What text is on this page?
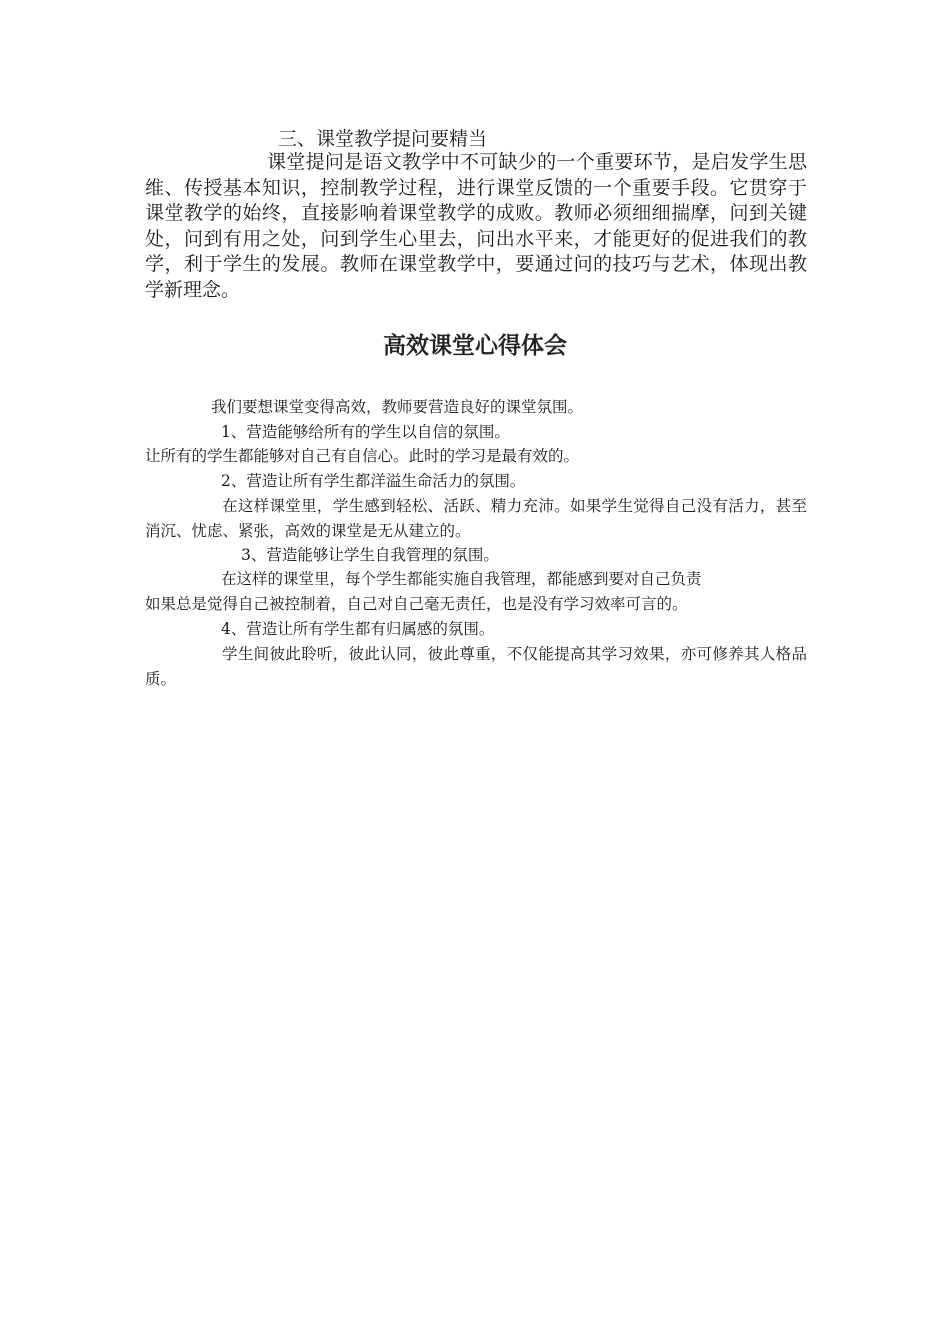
三、课堂教学提问要精当

课堂提问是语文教学中不可缺少的一个重要环节，是启发学生思维、传授基本知识，控制教学过程，进行课堂反馈的一个重要手段。它贯穿于课堂教学的始终，直接影响着课堂教学的成败。教师必须细细揣摩，问到关键处，问到有用之处，问到学生心里去，问出水平来，才能更好的促进我们的教学，利于学生的发展。教师在课堂教学中，要通过问的技巧与艺术，体现出教学新理念。

高效课堂心得体会
我们要想课堂变得高效，教师要营造良好的课堂氛围。
1、营造能够给所有的学生以自信的氛围。
让所有的学生都能够对自己有自信心。此时的学习是最有效的。
2、营造让所有学生都洋溢生命活力的氛围。

在这样课堂里，学生感到轻松、活跃、精力充沛。如果学生觉得自己没有活力，甚至消沉、忧虑、紧张，高效的课堂是无从建立的。

3、营造能够让学生自我管理的氛围。
在这样的课堂里，每个学生都能实施自我管理，都能感到要对自己负责
如果总是觉得自己被控制着，自己对自己毫无责任，也是没有学习效率可言的。
4、营造让所有学生都有归属感的氛围。

学生间彼此聆听，彼此认同，彼此尊重，不仅能提高其学习效果，亦可修养其人格品质。
